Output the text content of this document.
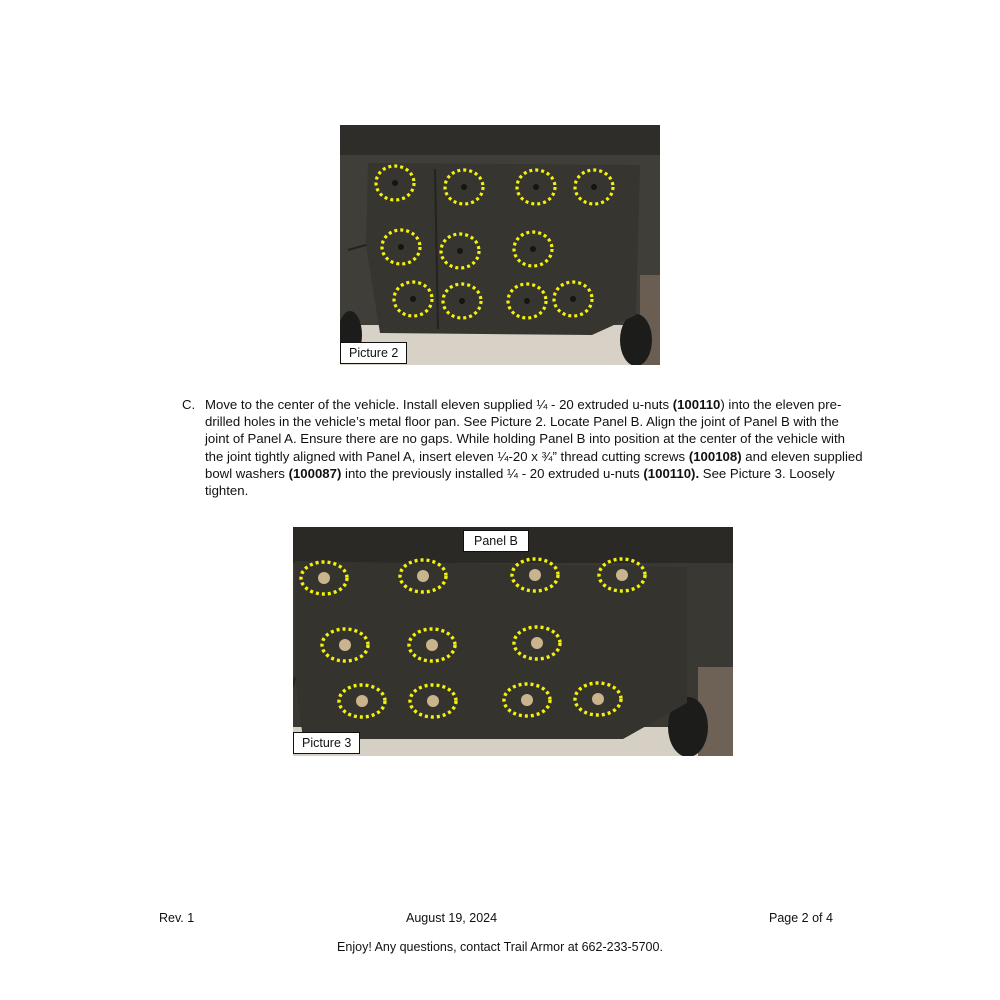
Picture 2
C. Move to the center of the vehicle. Install eleven supplied ¼ - 20 extruded u-nuts (100110) into the eleven pre-drilled holes in the vehicle’s metal floor pan. See Picture 2. Locate Panel B. Align the joint of Panel B with the joint of Panel A. Ensure there are no gaps. While holding Panel B into position at the center of the vehicle with the joint tightly aligned with Panel A, insert eleven ¼-20 x ¾” thread cutting screws (100108) and eleven supplied bowl washers (100087) into the previously installed ¼ - 20 extruded u-nuts (100110). See Picture 3. Loosely tighten.
Panel B
Picture 3
Rev. 1	August 19, 2024	Page 2 of 4
Enjoy! Any questions, contact Trail Armor at 662-233-5700.
